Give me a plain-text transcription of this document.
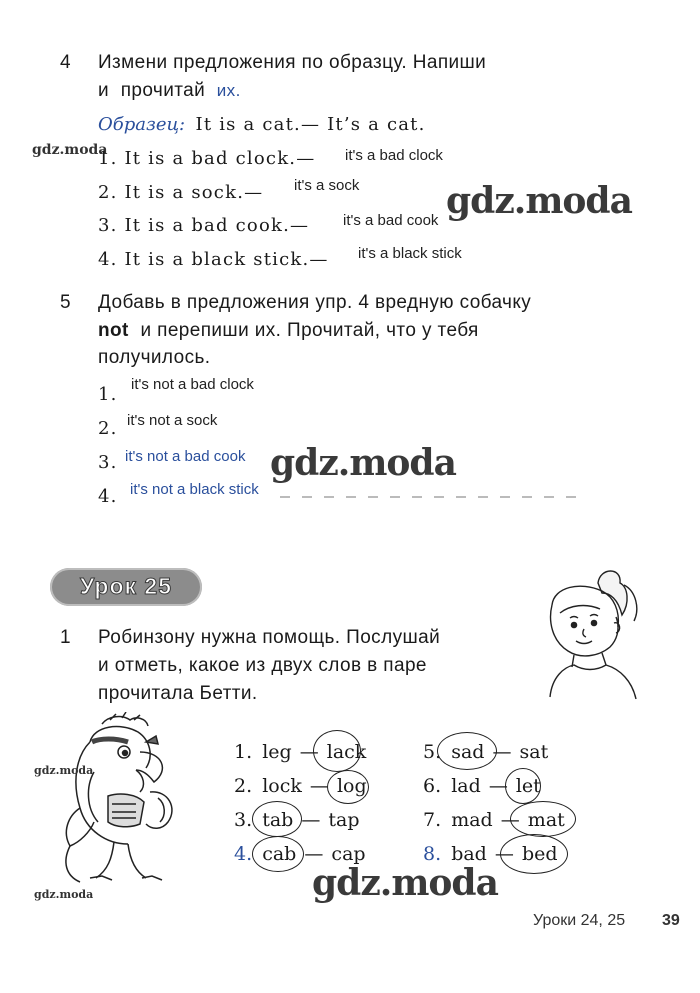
4 Измени предложения по образцу. Напиши
и прочитай их.
Образец: It is a cat.— It’s a cat.
gdz.moda
1. It is a bad clock.— it's a bad clock
2. It is a sock.— it's a sock
3. It is a bad cook.— it's a bad cook
4. It is a black stick.— it's a black stick
gdz.moda
5 Добавь в предложения упр. 4 вредную собачку
not и перепиши их. Прочитай, что у тебя
получилось.
1. it's not a bad clock
2. it's not a sock
3. it's not a bad cook
4. it's not a black stick
gdz.moda
Урок 25
1 Робинзону нужна помощь. Послушай
и отметь, какое из двух слов в паре
прочитала Бетти.
gdz.moda
gdz.moda
1. leg — lack
2. lock — log
3. tab — tap
4. cab — cap
5. sad — sat
6. lad — let
7. mad — mat
8. bad — bed
gdz.moda
Уроки 24, 25 39
